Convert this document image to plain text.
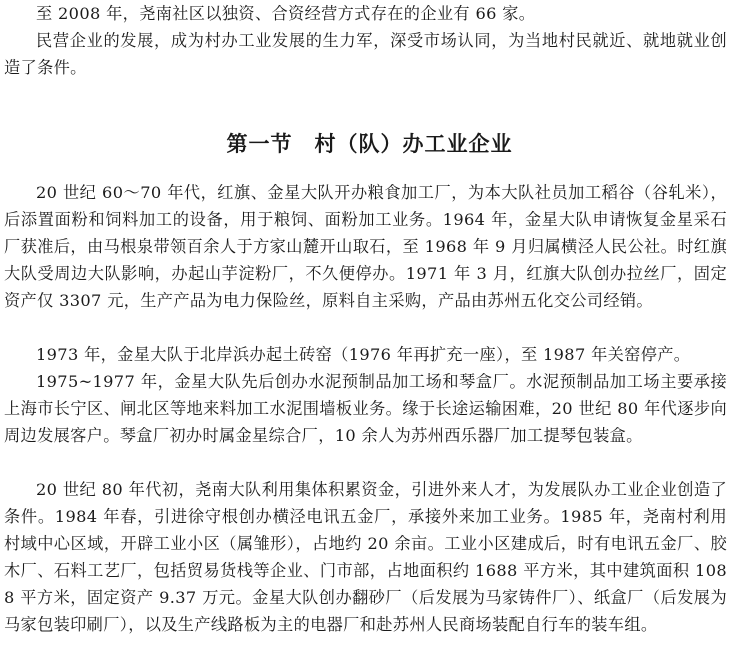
至 2008 年，尧南社区以独资、合资经营方式存在的企业有 66 家。

民营企业的发展，成为村办工业发展的生力军，深受市场认同，为当地村民就近、就地就业创造了条件。

第一节　村（队）办工业企业

20 世纪 60～70 年代，红旗、金星大队开办粮食加工厂，为本大队社员加工稻谷（谷轧米），后添置面粉和饲料加工的设备，用于粮饲、面粉加工业务。1964 年，金星大队申请恢复金星采石厂获准后，由马根泉带领百余人于方家山麓开山取石，至 1968 年 9 月归属横泾人民公社。时红旗大队受周边大队影响，办起山芋淀粉厂，不久便停办。1971 年 3 月，红旗大队创办拉丝厂，固定资产仅 3307 元，生产产品为电力保险丝，原料自主采购，产品由苏州五化交公司经销。

1973 年，金星大队于北岸浜办起土砖窑（1976 年再扩充一座），至 1987 年关窑停产。

1975~1977 年，金星大队先后创办水泥预制品加工场和琴盒厂。水泥预制品加工场主要承接上海市长宁区、闸北区等地来料加工水泥围墙板业务。缘于长途运输困难，20 世纪 80 年代逐步向周边发展客户。琴盒厂初办时属金星综合厂，10 余人为苏州西乐器厂加工提琴包装盒。

20 世纪 80 年代初，尧南大队利用集体积累资金，引进外来人才，为发展队办工业企业创造了条件。1984 年春，引进徐守根创办横泾电讯五金厂，承接外来加工业务。1985 年，尧南村利用村域中心区域，开辟工业小区（属雏形），占地约 20 余亩。工业小区建成后，时有电讯五金厂、胶木厂、石料工艺厂，包括贸易货栈等企业、门市部，占地面积约 1688 平方米，其中建筑面积 1088 平方米，固定资产 9.37 万元。金星大队创办翻砂厂（后发展为马家铸件厂）、纸盒厂（后发展为马家包装印刷厂），以及生产线路板为主的电器厂和赴苏州人民商场装配自行车的装车组。
